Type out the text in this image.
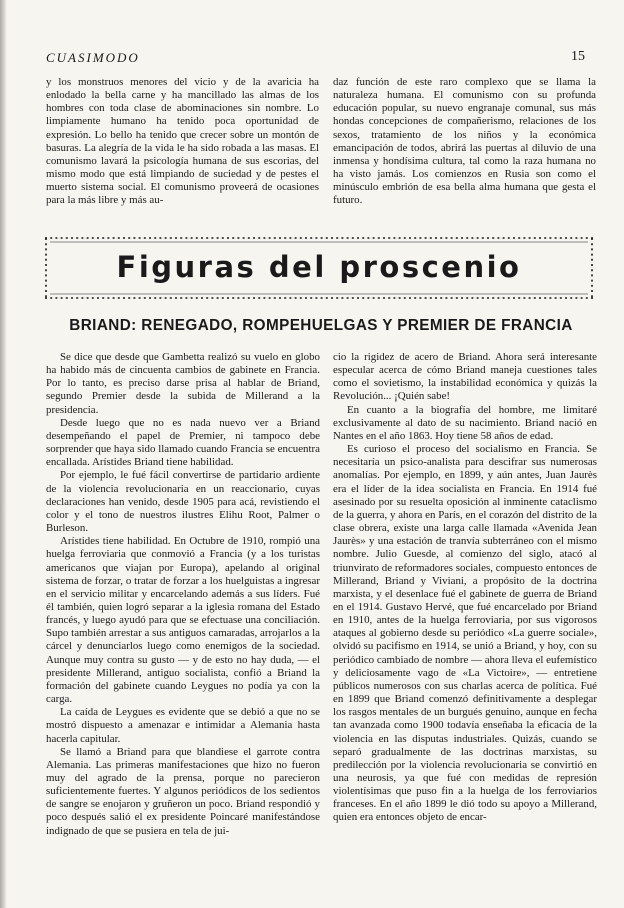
CUASIMODO	15

y los monstruos menores del vicio y de la avaricia ha enlodado la bella carne y ha mancillado las almas de los hombres con toda clase de abominaciones sin nombre. Lo limpiamente humano ha tenido poca oportunidad de expresión. Lo bello ha tenido que crecer sobre un montón de basuras. La alegría de la vida le ha sido robada a las masas. El comunismo lavará la psicología humana de sus escorias, del mismo modo que está limpiando de suciedad y de pestes el muerto sistema social. El comunismo proveerá de ocasiones para la más libre y más au-

daz función de este raro complexo que se llama la naturaleza humana. El comunismo con su profunda educación popular, su nuevo engranaje comunal, sus más hondas concepciones de compañerismo, relaciones de los sexos, tratamiento de los niños y la económica emancipación de todos, abrirá las puertas al diluvio de una inmensa y hondísima cultura, tal como la raza humana no ha visto jamás. Los comienzos en Rusia son como el minúsculo embrión de esa bella alma humana que gesta el futuro.

Figuras del proscenio
BRIAND: RENEGADO, ROMPEHUELGAS Y PREMIER DE FRANCIA

Se dice que desde que Gambetta realizó su vuelo en globo ha habido más de cincuenta cambios de gabinete en Francia. Por lo tanto, es preciso darse prisa al hablar de Briand, segundo Premier desde la subida de Millerand a la presidencia.

Desde luego que no es nada nuevo ver a Briand desempeñando el papel de Premier, ni tampoco debe sorprender que haya sido llamado cuando Francia se encuentra encallada. Arístides Briand tiene habilidad.

Por ejemplo, le fué fácil convertirse de partidario ardiente de la violencia revolucionaria en un reaccionario, cuyas declaraciones han venido, desde 1905 para acá, revistiendo el color y el tono de nuestros ilustres Elihu Root, Palmer o Burleson.

Arístides tiene habilidad. En Octubre de 1910, rompió una huelga ferroviaria que conmovió a Francia (y a los turistas americanos que viajan por Europa), apelando al original sistema de forzar, o tratar de forzar a los huelguistas a ingresar en el servicio militar y encarcelando además a sus líders. Fué él también, quien logró separar a la iglesia romana del Estado francés, y luego ayudó para que se efectuase una conciliación. Supo también arrestar a sus antiguos camaradas, arrojarlos a la cárcel y denunciarlos luego como enemigos de la sociedad. Aunque muy contra su gusto — y de esto no hay duda, — el presidente Millerand, antiguo socialista, confió a Briand la formación del gabinete cuando Leygues no podía ya con la carga.

La caída de Leygues es evidente que se debió a que no se mostró dispuesto a amenazar e intimidar a Alemania hasta hacerla capitular.

Se llamó a Briand para que blandiese el garrote contra Alemania. Las primeras manifestaciones que hizo no fueron muy del agrado de la prensa, porque no parecieron suficientemente fuertes. Y algunos periódicos de los sedientos de sangre se enojaron y gruñeron un poco. Briand respondió y poco después salió el ex presidente Poincaré manifestándose indignado de que se pusiera en tela de jui-

cio la rigidez de acero de Briand. Ahora será interesante especular acerca de cómo Briand maneja cuestiones tales como el sovietismo, la instabilidad económica y quizás la Revolución... ¡Quién sabe!

En cuanto a la biografía del hombre, me limitaré exclusivamente al dato de su nacimiento. Briand nació en Nantes en el año 1863. Hoy tiene 58 años de edad.

Es curioso el proceso del socialismo en Francia. Se necesitaría un psico-analista para descifrar sus numerosas anomalías. Por ejemplo, en 1899, y aún antes, Juan Jaurès era el líder de la idea socialista en Francia. En 1914 fué asesinado por su resuelta oposición al inminente cataclismo de la guerra, y ahora en París, en el corazón del distrito de la clase obrera, existe una larga calle llamada «Avenida Jean Jaurès» y una estación de tranvía subterráneo con el mismo nombre. Julio Guesde, al comienzo del siglo, atacó al triunvirato de reformadores sociales, compuesto entonces de Millerand, Briand y Viviani, a propósito de la doctrina marxista, y el desenlace fué el gabinete de guerra de Briand en el 1914. Gustavo Hervé, que fué encarcelado por Briand en 1910, antes de la huelga ferroviaria, por sus vigorosos ataques al gobierno desde su periódico «La guerre sociale», olvidó su pacifismo en 1914, se unió a Briand, y hoy, con su periódico cambiado de nombre — ahora lleva el eufemístico y deliciosamente vago de «La Victoire», — entretiene públicos numerosos con sus charlas acerca de política. Fué en 1899 que Briand comenzó definitivamente a desplegar los rasgos mentales de un burgués genuino, aunque en fecha tan avanzada como 1900 todavía enseñaba la eficacia de la violencia en las disputas industriales. Quizás, cuando se separó gradualmente de las doctrinas marxistas, su predilección por la violencia revolucionaria se convirtió en una neurosis, ya que fué con medidas de represión violentísimas que puso fin a la huelga de los ferroviarios franceses. En el año 1899 le dió todo su apoyo a Millerand, quien era entonces objeto de encar-
